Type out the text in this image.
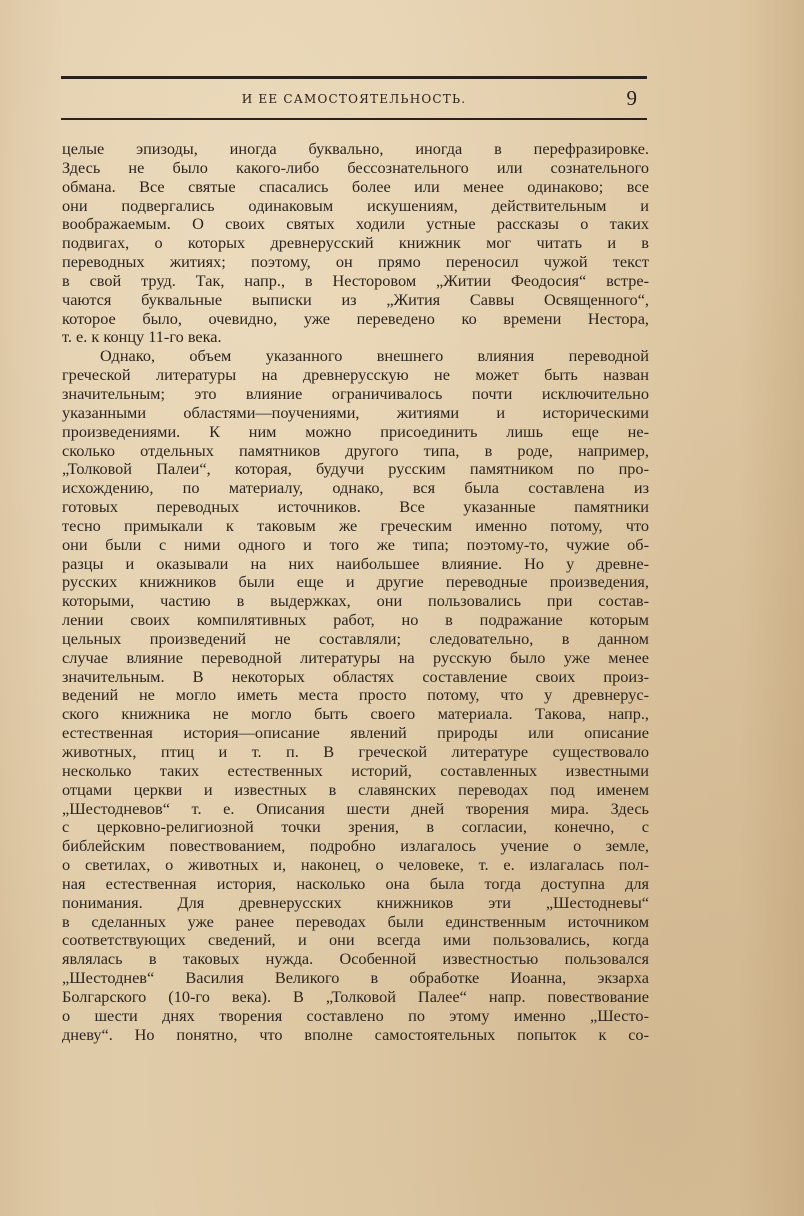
И ЕЕ САМОСТОЯТЕЛЬНОСТЬ.	9
целые эпизоды, иногда буквально, иногда в перефразировке.
Здесь не было какого-либо бессознательного или сознательного
обмана. Все святые спасались более или менее одинаково; все
они подвергались одинаковым искушениям, действительным и
воображаемым. О своих святых ходили устные рассказы о таких
подвигах, о которых древнерусский книжник мог читать и в
переводных житиях; поэтому, он прямо переносил чужой текст
в свой труд. Так, напр., в Несторовом „Житии Феодосия“ встре-
чаются буквальные выписки из „Жития Саввы Освященного“,
которое было, очевидно, уже переведено ко времени Нестора,
т. е. к концу 11-го века.
Однако, объем указанного внешнего влияния переводной
греческой литературы на древнерусскую не может быть назван
значительным; это влияние ограничивалось почти исключительно
указанными областями—поучениями, житиями и историческими
произведениями. К ним можно присоединить лишь еще не-
сколько отдельных памятников другого типа, в роде, например,
„Толковой Палеи“, которая, будучи русским памятником по про-
исхождению, по материалу, однако, вся была составлена из
готовых переводных источников. Все указанные памятники
тесно примыкали к таковым же греческим именно потому, что
они были с ними одного и того же типа; поэтому-то, чужие об-
разцы и оказывали на них наибольшее влияние. Но у древне-
русских книжников были еще и другие переводные произведения,
которыми, частию в выдержках, они пользовались при состав-
лении своих компилятивных работ, но в подражание которым
цельных произведений не составляли; следовательно, в данном
случае влияние переводной литературы на русскую было уже менее
значительным. В некоторых областях составление своих произ-
ведений не могло иметь места просто потому, что у древнерус-
ского книжника не могло быть своего материала. Такова, напр.,
естественная история—описание явлений природы или описание
животных, птиц и т. п. В греческой литературе существовало
несколько таких естественных историй, составленных известными
отцами церкви и известных в славянских переводах под именем
„Шестодневов“ т. е. Описания шести дней творения мира. Здесь
с церковно-религиозной точки зрения, в согласии, конечно, с
библейским повествованием, подробно излагалось учение о земле,
о светилах, о животных и, наконец, о человеке, т. е. излагалась пол-
ная естественная история, насколько она была тогда доступна для
понимания. Для древнерусских книжников эти „Шестодневы“
в сделанных уже ранее переводах были единственным источником
соответствующих сведений, и они всегда ими пользовались, когда
являлась в таковых нужда. Особенной известностью пользовался
„Шестоднев“ Василия Великого в обработке Иоанна, экзарха
Болгарского (10-го века). В „Толковой Палее“ напр. повествование
о шести днях творения составлено по этому именно „Шесто-
дневу“. Но понятно, что вполне самостоятельных попыток к со-
